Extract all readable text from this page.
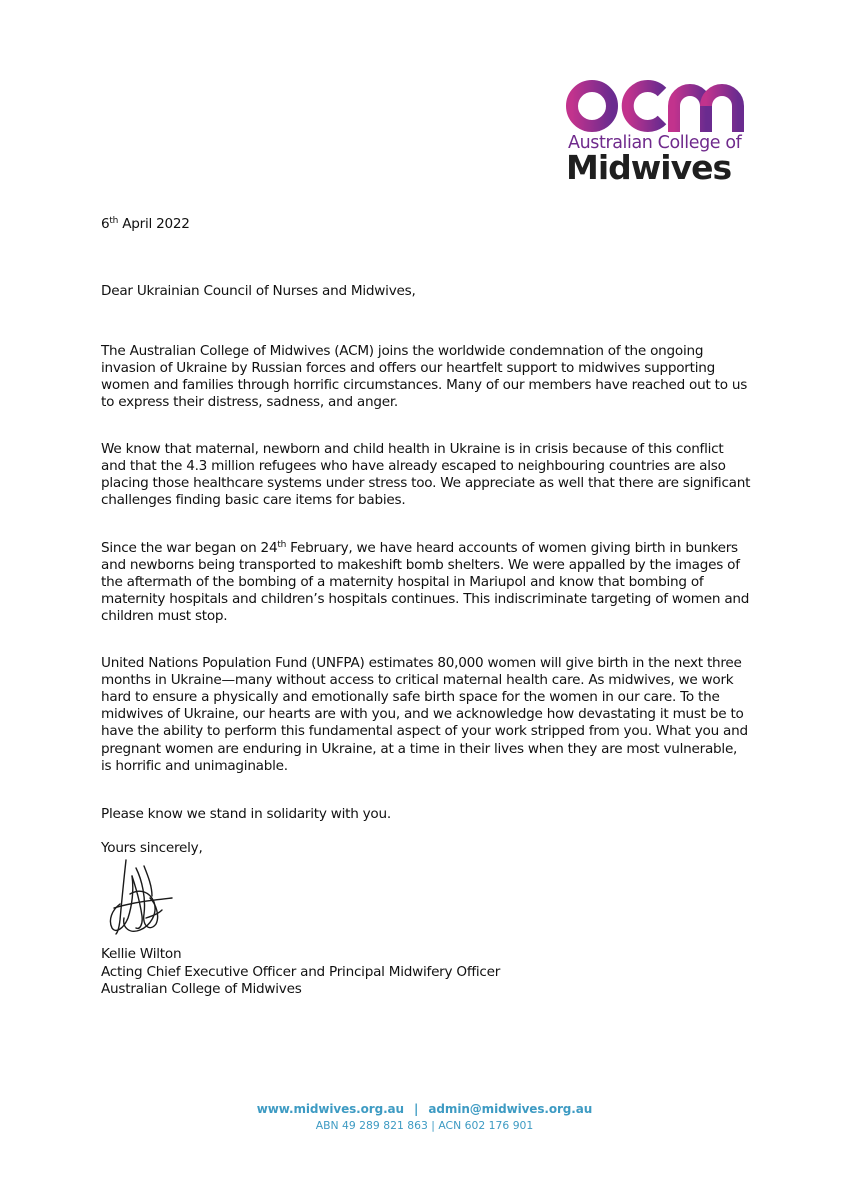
Australian College of
Midwives
6th April 2022
Dear Ukrainian Council of Nurses and Midwives,

The Australian College of Midwives (ACM) joins the worldwide condemnation of the ongoing invasion of Ukraine by Russian forces and offers our heartfelt support to midwives supporting women and families through horrific circumstances. Many of our members have reached out to us to express their distress, sadness, and anger.

We know that maternal, newborn and child health in Ukraine is in crisis because of this conflict and that the 4.3 million refugees who have already escaped to neighbouring countries are also placing those healthcare systems under stress too. We appreciate as well that there are significant challenges finding basic care items for babies.

Since the war began on 24th February, we have heard accounts of women giving birth in bunkers and newborns being transported to makeshift bomb shelters. We were appalled by the images of the aftermath of the bombing of a maternity hospital in Mariupol and know that bombing of maternity hospitals and children’s hospitals continues. This indiscriminate targeting of women and children must stop.

United Nations Population Fund (UNFPA) estimates 80,000 women will give birth in the next three months in Ukraine—many without access to critical maternal health care. As midwives, we work hard to ensure a physically and emotionally safe birth space for the women in our care. To the midwives of Ukraine, our hearts are with you, and we acknowledge how devastating it must be to have the ability to perform this fundamental aspect of your work stripped from you. What you and pregnant women are enduring in Ukraine, at a time in their lives when they are most vulnerable, is horrific and unimaginable.

Please know we stand in solidarity with you.

Yours sincerely,

Kellie Wilton
Acting Chief Executive Officer and Principal Midwifery Officer
Australian College of Midwives
www.midwives.org.au | admin@midwives.org.au
ABN 49 289 821 863 | ACN 602 176 901
